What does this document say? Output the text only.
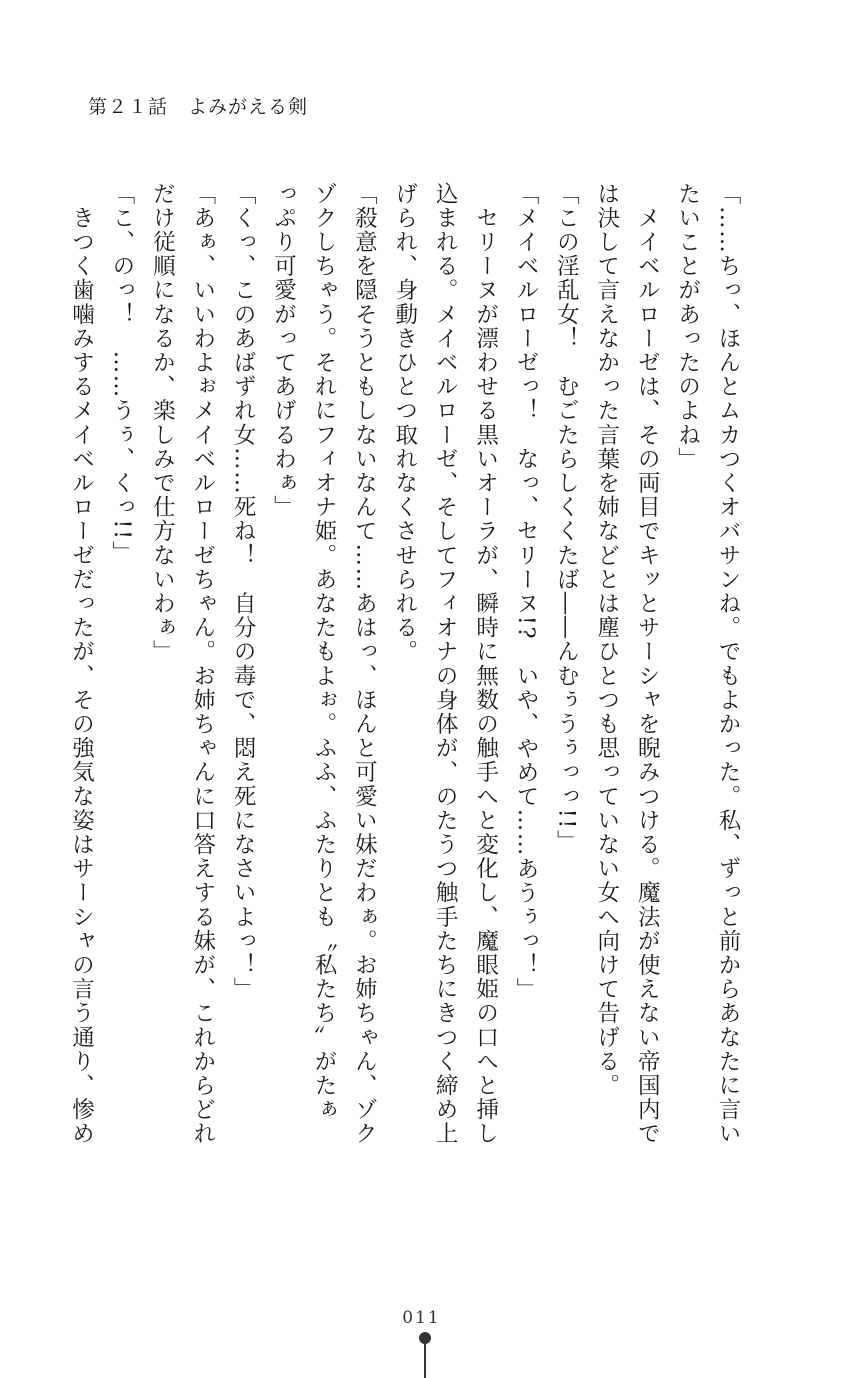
第２１話　よみがえる剣
「……ちっ、ほんとムカつくオバサンね。でもよかった。私、ずっと前からあなたに言い
たいことがあったのよね」
　メイベルローゼは、その両目でキッとサーシャを睨みつける。魔法が使えない帝国内で
は決して言えなかった言葉を姉などとは塵ひとつも思っていない女へ向けて告げる。
「この淫乱女！　むごたらしくくたば――んむぅうぅっっ!!」
「メイベルローゼっ！　なっ、セリーヌ!?　いや、やめて……あうぅっ！」
　セリーヌが漂わせる黒いオーラが、瞬時に無数の触手へと変化し、魔眼姫の口へと挿し
込まれる。メイベルローゼ、そしてフィオナの身体が、のたうつ触手たちにきつく締め上
げられ、身動きひとつ取れなくさせられる。
「殺意を隠そうともしないなんて……あはっ、ほんと可愛い妹だわぁ。お姉ちゃん、ゾク
ゾクしちゃう。それにフィオナ姫。あなたもよぉ。ふふ、ふたりとも〝私たち〟がたぁ
っぷり可愛がってあげるわぁ」
「くっ、このあばずれ女……死ね！　自分の毒で、悶え死になさいよっ！」
「あぁ、いいわよぉメイベルローゼちゃん。お姉ちゃんに口答えする妹が、これからどれ
だけ従順になるか、楽しみで仕方ないわぁ」
「こ、のっ！　……うぅ、くっ!!」
　きつく歯噛みするメイベルローゼだったが、その強気な姿はサーシャの言う通り、惨め
011
